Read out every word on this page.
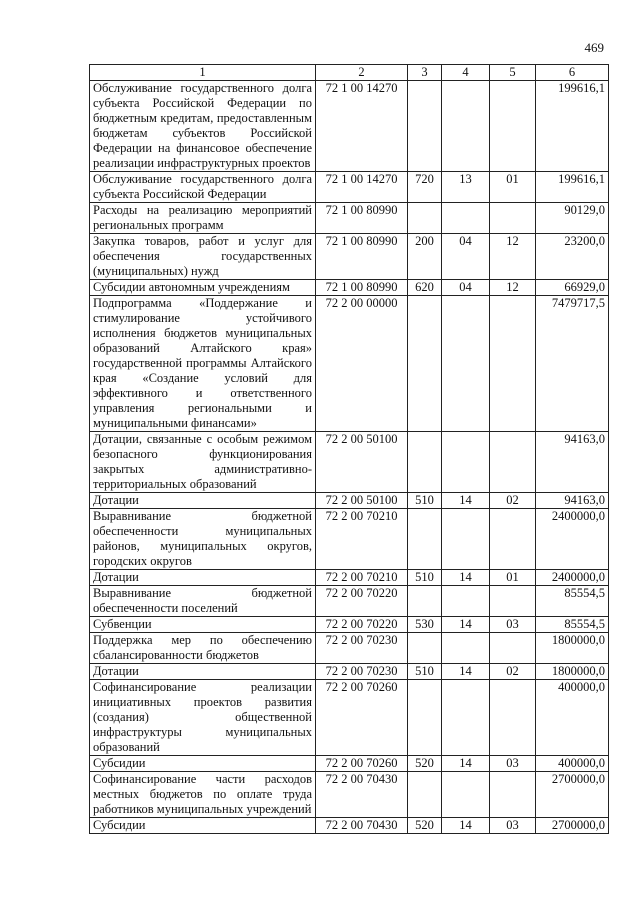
469
1	2	3	4	5	6
Обслуживание государственного долга субъекта Российской Федерации по бюджетным кредитам, предоставленным бюджетам субъектов Российской Федерации на финансовое обеспечение реализации инфраструктурных проектов	72 1 00 14270				199616,1
Обслуживание государственного долга субъекта Российской Федерации	72 1 00 14270	720	13	01	199616,1
Расходы на реализацию мероприятий региональных программ	72 1 00 80990				90129,0
Закупка товаров, работ и услуг для обеспечения государственных (муниципальных) нужд	72 1 00 80990	200	04	12	23200,0
Субсидии автономным учреждениям	72 1 00 80990	620	04	12	66929,0
Подпрограмма «Поддержание и стимулирование устойчивого исполнения бюджетов муниципальных образований Алтайского края» государственной программы Алтайского края «Создание условий для эффективного и ответственного управления региональными и муниципальными финансами»	72 2 00 00000				7479717,5
Дотации, связанные с особым режимом безопасного функционирования закрытых административно-территориальных образований	72 2 00 50100				94163,0
Дотации	72 2 00 50100	510	14	02	94163,0
Выравнивание бюджетной обеспеченности муниципальных районов, муниципальных округов, городских округов	72 2 00 70210				2400000,0
Дотации	72 2 00 70210	510	14	01	2400000,0
Выравнивание бюджетной обеспеченности поселений	72 2 00 70220				85554,5
Субвенции	72 2 00 70220	530	14	03	85554,5
Поддержка мер по обеспечению сбалансированности бюджетов	72 2 00 70230				1800000,0
Дотации	72 2 00 70230	510	14	02	1800000,0
Софинансирование реализации инициативных проектов развития (создания) общественной инфраструктуры муниципальных образований	72 2 00 70260				400000,0
Субсидии	72 2 00 70260	520	14	03	400000,0
Софинансирование части расходов местных бюджетов по оплате труда работников муниципальных учреждений	72 2 00 70430				2700000,0
Субсидии	72 2 00 70430	520	14	03	2700000,0
